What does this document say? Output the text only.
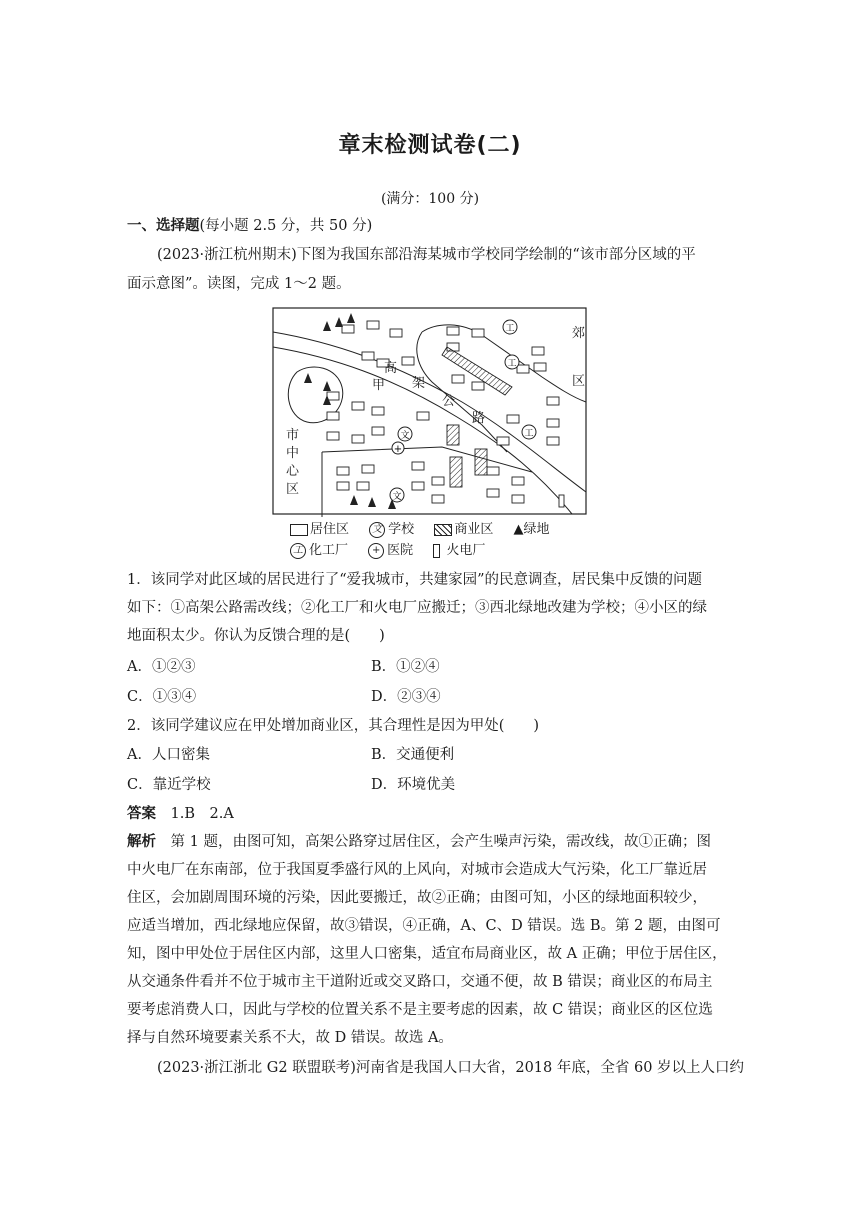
章末检测试卷(二)
(满分：100 分)
一、选择题(每小题 2.5 分，共 50 分)
(2023·浙江杭州期末)下图为我国东部沿海某城市学校同学绘制的“该市部分区域的平
面示意图”。读图，完成 1～2 题。
工
工
工
文
文
+
郊
区
市
中
心
区
高
架
公
路
甲
居住区 文 学校	商业区 ▲绿地
工 化工厂 + 医院	火电厂
1．该同学对此区域的居民进行了“爱我城市，共建家园”的民意调查，居民集中反馈的问题
如下：①高架公路需改线；②化工厂和火电厂应搬迁；③西北绿地改建为学校；④小区的绿
地面积太少。你认为反馈合理的是(　　)
A．①②③	B．①②④
C．①③④	D．②③④
2．该同学建议应在甲处增加商业区，其合理性是因为甲处(　　)
A．人口密集	B．交通便利
C．靠近学校	D．环境优美
答案　 1.B　2.A
解析　 第 1 题，由图可知，高架公路穿过居住区，会产生噪声污染，需改线，故①正确；图
中火电厂在东南部，位于我国夏季盛行风的上风向，对城市会造成大气污染，化工厂靠近居
住区，会加剧周围环境的污染，因此要搬迁，故②正确；由图可知，小区的绿地面积较少，
应适当增加，西北绿地应保留，故③错误，④正确，A、C、D 错误。选 B。第 2 题，由图可
知，图中甲处位于居住区内部，这里人口密集，适宜布局商业区，故 A 正确；甲位于居住区，
从交通条件看并不位于城市主干道附近或交叉路口，交通不便，故 B 错误；商业区的布局主
要考虑消费人口，因此与学校的位置关系不是主要考虑的因素，故 C 错误；商业区的区位选
择与自然环境要素关系不大，故 D 错误。故选 A。
(2023·浙江浙北 G2 联盟联考)河南省是我国人口大省，2018 年底，全省 60 岁以上人口约
